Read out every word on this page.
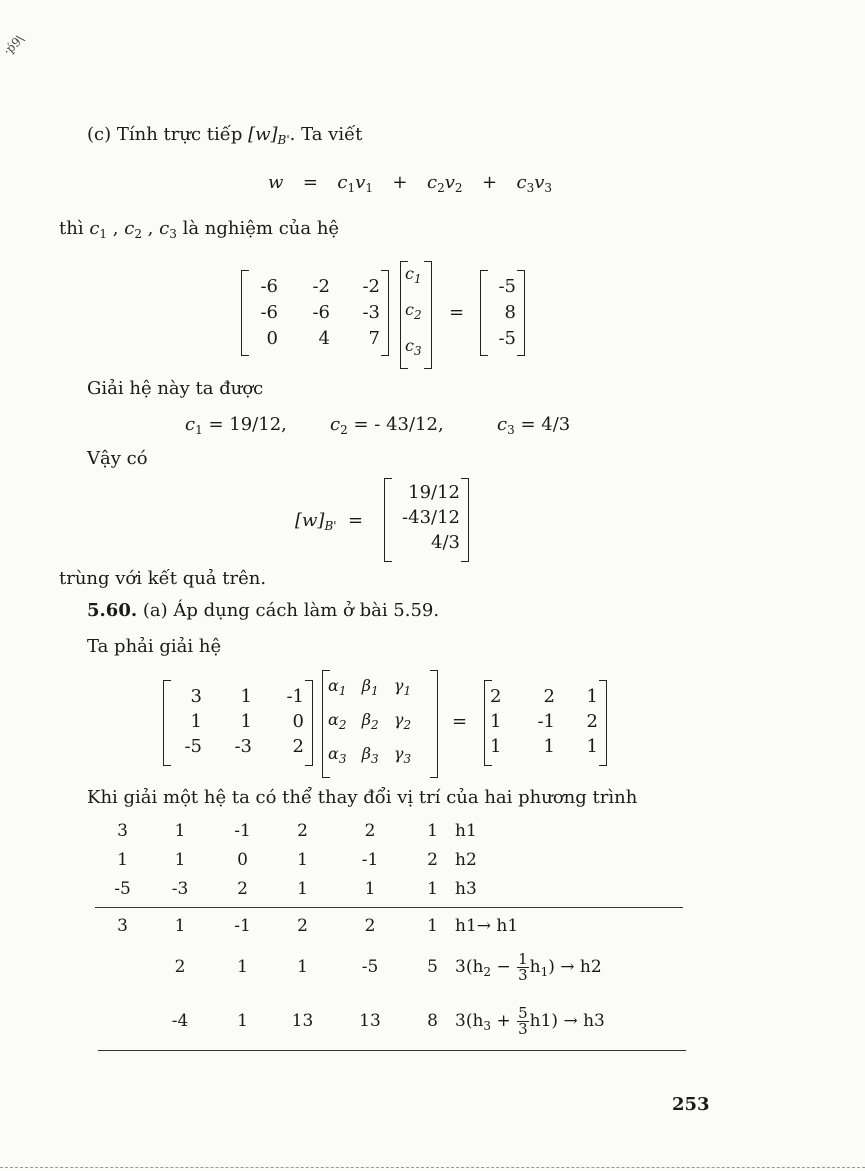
·ṕ9\
(c) Tính trực tiếp $[w]_{B'}$. Ta viết
$w = c_1v_1 + c_2v_2 + c_3v_3$
thì $c_1$ , $c_2$ , $c_3$ là nghiệm của hệ
-6	-2	-2
-6	-6	-3
0	4	7
$c_1$
$c_2$
$c_3$
=
-5
8
-5
Giải hệ này ta được
$c_1 = 19/12$, $c_2$ = - 43/12,	$c_3 = 4/3$
Vậy có
$[w]_{B'}$ =
19/12
-43/12
4/3
trùng với kết quả trên.
5.60. (a) Áp dụng cách làm ở bài 5.59.
Ta phải giải hệ
3	1	-1
1	1	0
-5	-3	2
$\alpha_1$ $\beta_1$ $\gamma_1$
$\alpha_2$ $\beta_2$ $\gamma_2$
$\alpha_3$ $\beta_3$ $\gamma_3$
=
2	2	1
1	-1	2
1	1	1
Khi giải một hệ ta có thể thay đổi vị trí của hai phương trình
3	1	-1	2	2	1	h1
1	1	0	1	-1	2	h2
-5	-3	2	1	1	1	h3
3	1	-1	2	2	1	h1→ h1
	2	1	1	-5	5	$3(h_2 - \frac{1}{3} h_1) \to h2$
	-4	1	13	13	8	$3(h_3 + \frac{5}{3} h1) \to h3$
253
